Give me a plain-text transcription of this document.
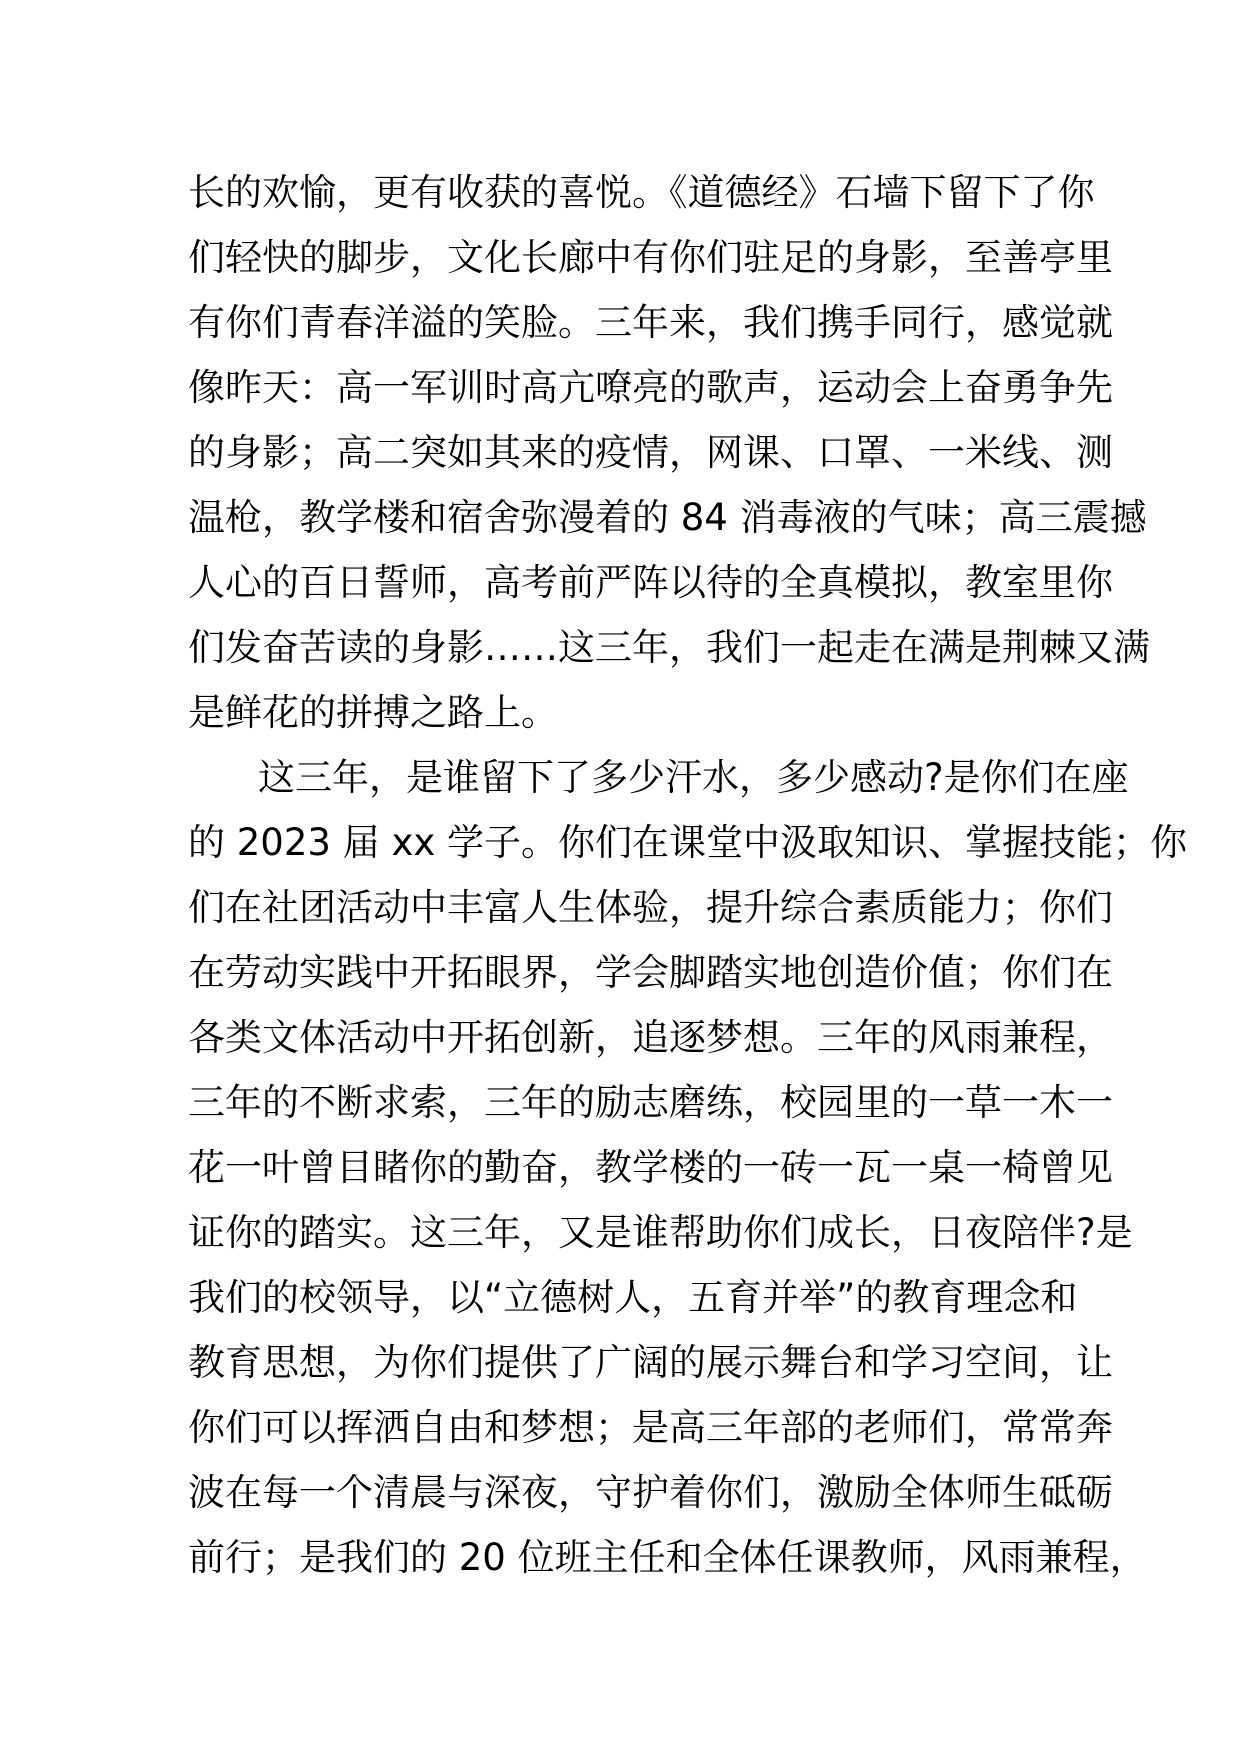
长的欢愉，更有收获的喜悦。《道德经》石墙下留下了你
们轻快的脚步，文化长廊中有你们驻足的身影，至善亭里
有你们青春洋溢的笑脸。三年来，我们携手同行，感觉就
像昨天：高一军训时高亢嘹亮的歌声，运动会上奋勇争先
的身影；高二突如其来的疫情，网课、口罩、一米线、测
温枪，教学楼和宿舍弥漫着的 84 消毒液的气味；高三震撼
人心的百日誓师，高考前严阵以待的全真模拟，教室里你
们发奋苦读的身影……这三年，我们一起走在满是荆棘又满
是鲜花的拼搏之路上。
这三年，是谁留下了多少汗水，多少感动?是你们在座
的 2023 届 xx 学子。你们在课堂中汲取知识、掌握技能；你
们在社团活动中丰富人生体验，提升综合素质能力；你们
在劳动实践中开拓眼界，学会脚踏实地创造价值；你们在
各类文体活动中开拓创新，追逐梦想。三年的风雨兼程，
三年的不断求索，三年的励志磨练，校园里的一草一木一
花一叶曾目睹你的勤奋，教学楼的一砖一瓦一桌一椅曾见
证你的踏实。这三年，又是谁帮助你们成长，日夜陪伴?是
我们的校领导，以“立德树人，五育并举”的教育理念和
教育思想，为你们提供了广阔的展示舞台和学习空间，让
你们可以挥洒自由和梦想；是高三年部的老师们，常常奔
波在每一个清晨与深夜，守护着你们，激励全体师生砥砺
前行；是我们的 20 位班主任和全体任课教师，风雨兼程，
